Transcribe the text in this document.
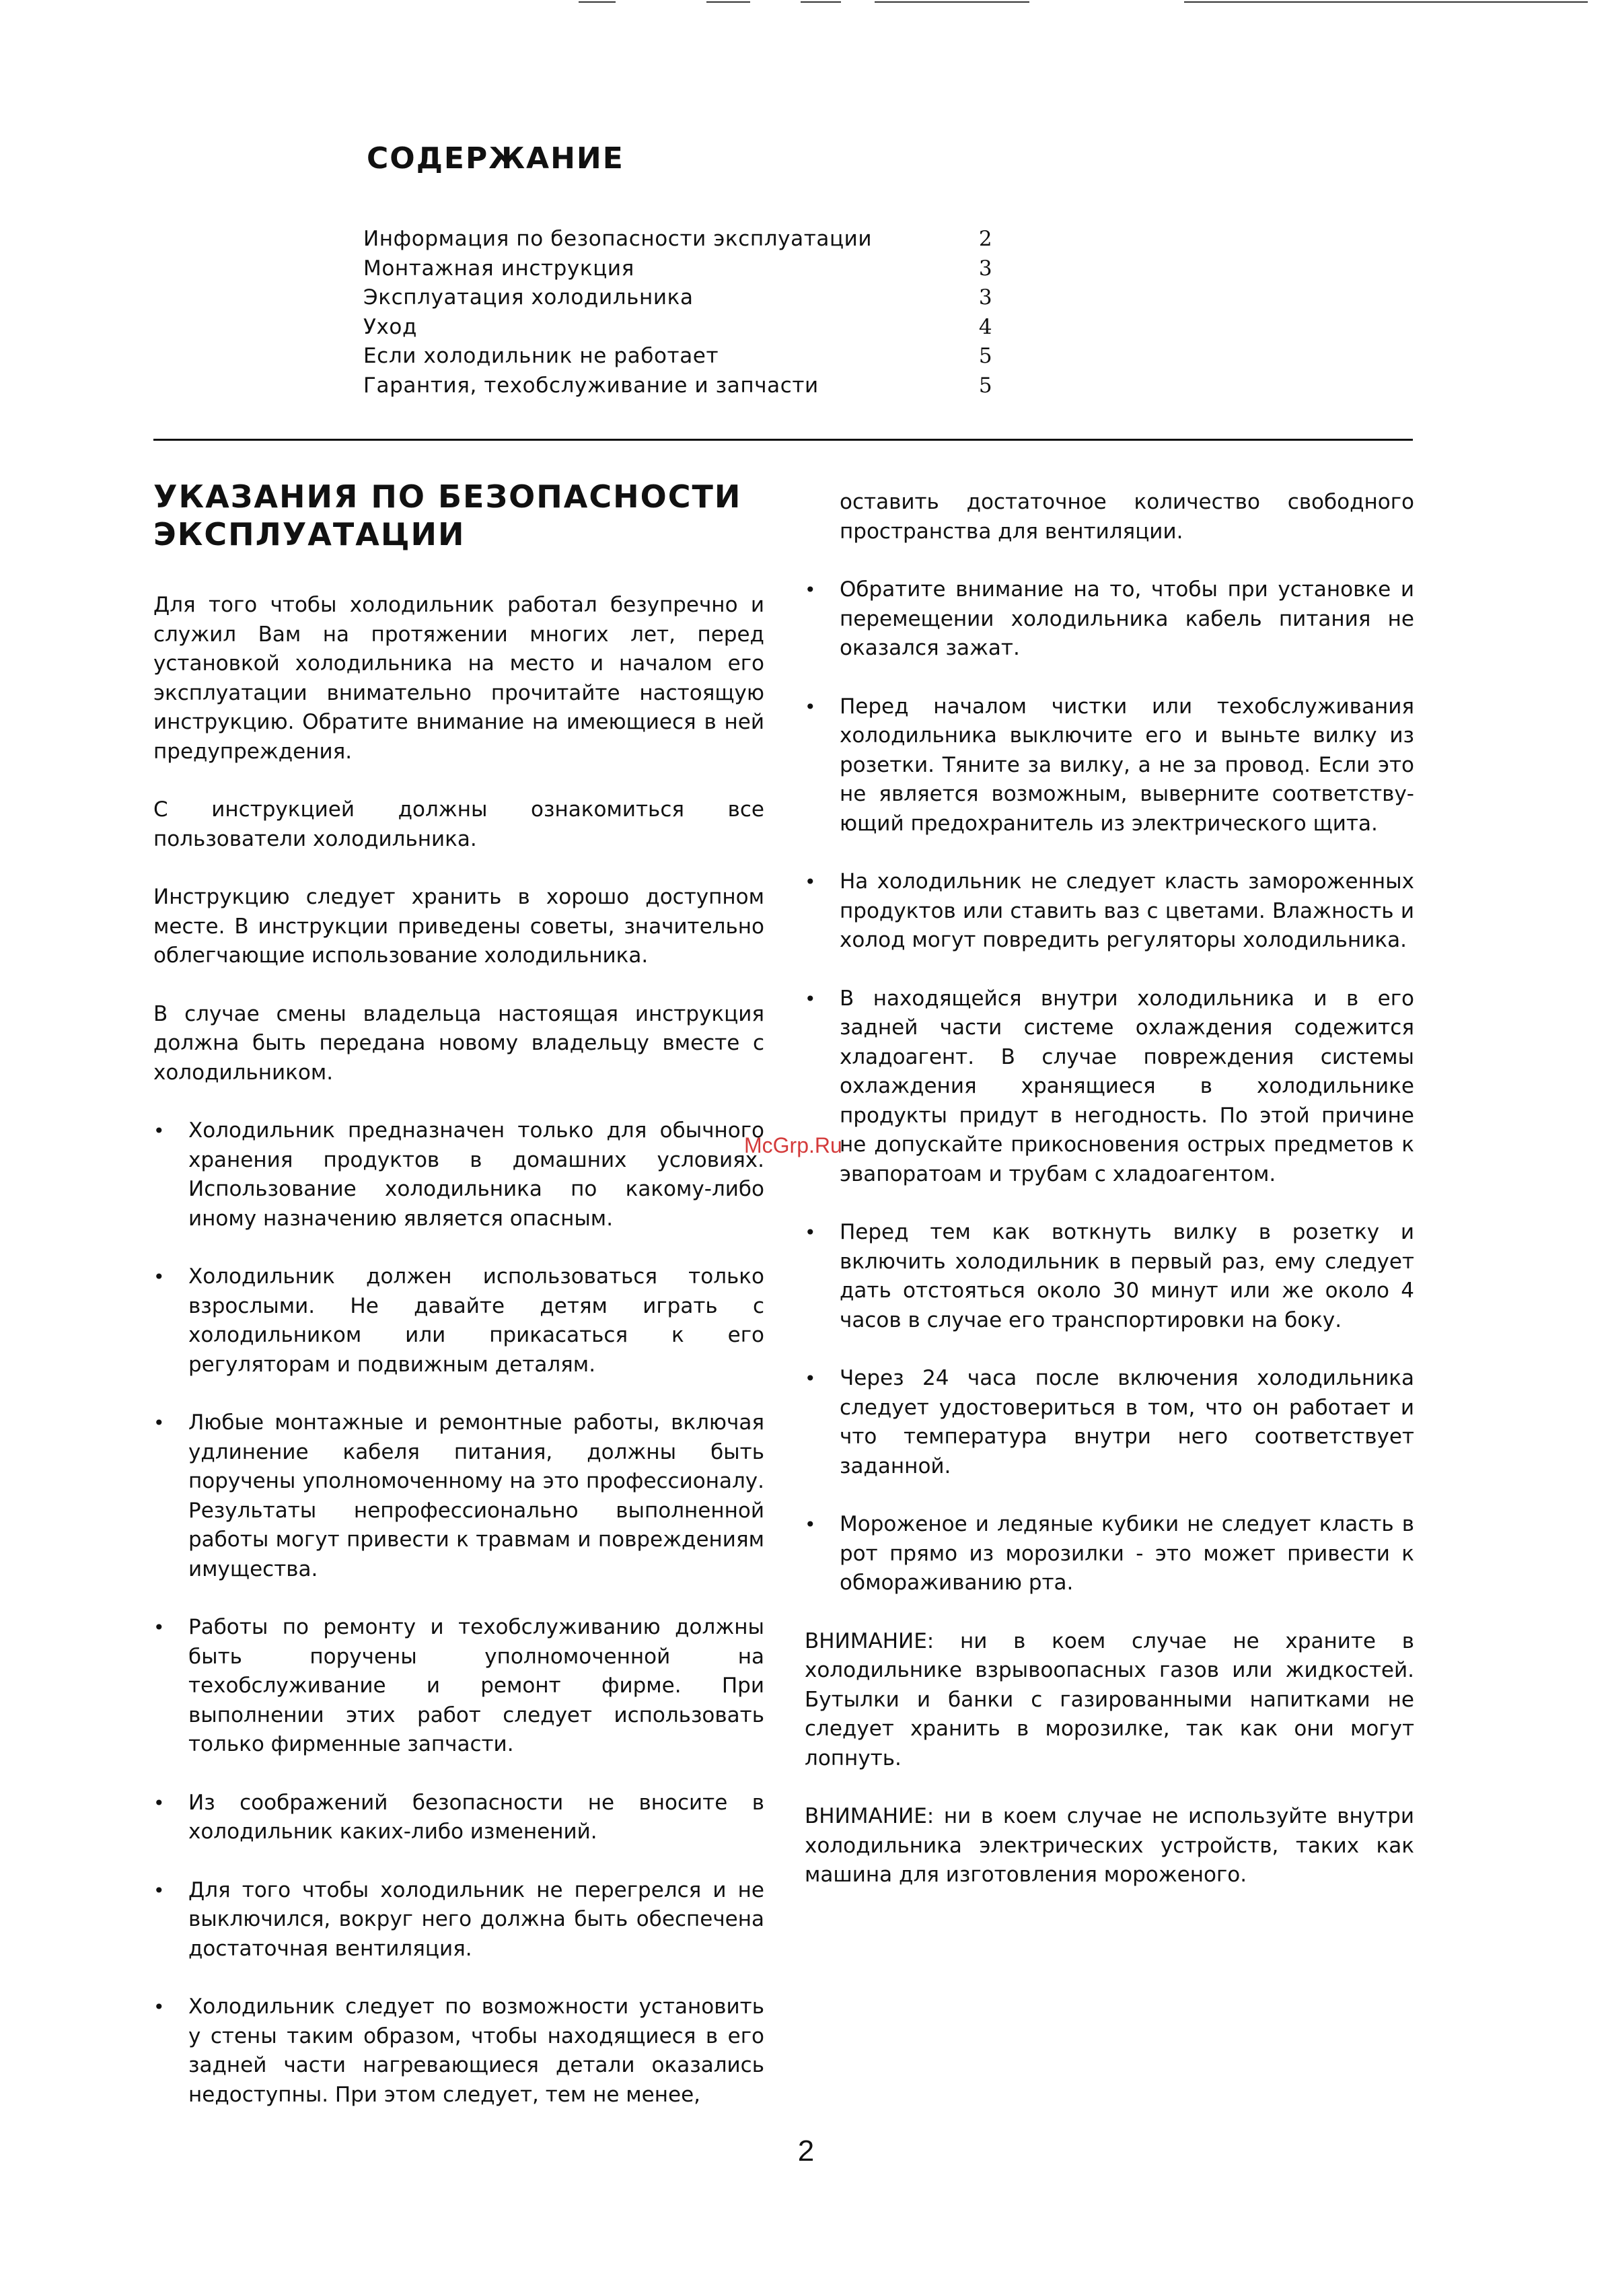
СОДЕРЖАНИЕ
Информация по безопасности эксплуатации	2
Монтажная инструкция	3
Эксплуатация холодильника	3
Уход	4
Если холодильник не работает	5
Гарантия, техобслуживание и запчасти	5
УКАЗАНИЯ ПО БЕЗОПАСНОСТИ ЭКСПЛУАТАЦИИ

Для того чтобы холодильник работал безупречно и служил Вам на протяжении многих лет, перед установкой холодильника на место и началом его эксплуатации внимательно прочитайте настоящую инструкцию. Обратите внимание на имеющиеся в ней предупреждения.

С инструкцией должны ознакомиться все пользователи холодильника.

Инструкцию следует хранить в хорошо доступном месте. В инструкции приведены советы, значительно облегчающие использование холодильника.

В случае смены владельца настоящая инструкция должна быть передана новому владельцу вместе с холодильником.

• Холодильник предназначен только для обычного хранения продуктов в домашних условиях. Использование холодильника по какому-либо иному назначению является опасным.
• Холодильник должен использоваться только взрослыми. Не давайте детям играть с холодильником или прикасаться к его регуляторам и подвижным деталям.
• Любые монтажные и ремонтные работы, включая удлинение кабеля питания, должны быть поручены уполномоченному на это профессионалу. Результаты непрофессионально выполненной работы могут привести к травмам и повреждениям имущества.
• Работы по ремонту и техобслуживанию должны быть поручены уполномоченной на техобслуживание и ремонт фирме. При выполнении этих работ следует использовать только фирменные запчасти.
• Из соображений безопасности не вносите в холодильник каких-либо изменений.
• Для того чтобы холодильник не перегрелся и не выключился, вокруг него должна быть обеспечена достаточная вентиляция.
• Холодильник следует по возможности установить у стены таким образом, чтобы находящиеся в его задней части нагревающиеся детали оказались недоступны. При этом следует, тем не менее,

оставить достаточное количество свободного пространства для вентиляции.

• Обратите внимание на то, чтобы при установке и перемещении холодильника кабель питания не оказался зажат.
• Перед началом чистки или техобслуживания холодильника выключите его и выньте вилку из розетки. Тяните за вилку, а не за провод. Если это не является возможным, выверните соответству-ющий предохранитель из электрического щита.
• На холодильник не следует класть замороженных продуктов или ставить ваз с цветами. Влажность и холод могут повредить регуляторы холодильника.
• В находящейся внутри холодильника и в его задней части системе охлаждения содежится хладоагент. В случае повреждения системы охлаждения хранящиеся в холодильнике продукты придут в негодность. По этой причине не допускайте прикосновения острых предметов к эвапоратоам и трубам с хладоагентом.
• Перед тем как воткнуть вилку в розетку и включить холодильник в первый раз, ему следует дать отстояться около 30 минут или же около 4 часов в случае его транспортировки на боку.
• Через 24 часа после включения холодильника следует удостовериться в том, что он работает и что температура внутри него соответствует заданной.
• Мороженое и ледяные кубики не следует класть в рот прямо из морозилки - это может привести к обмораживанию рта.

ВНИМАНИЕ: ни в коем случае не храните в холодильнике взрывоопасных газов или жидкостей. Бутылки и банки с газированными напитками не следует хранить в морозилке, так как они могут лопнуть.

ВНИМАНИЕ: ни в коем случае не используйте внутри холодильника электрических устройств, таких как машина для изготовления мороженого.

McGrp.Ru
2
